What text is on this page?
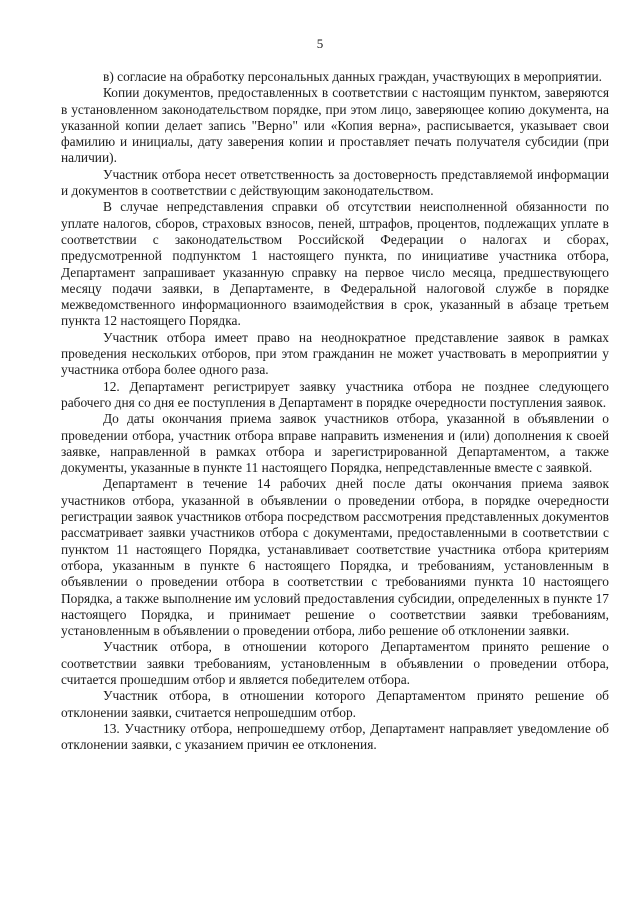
5

в) согласие на обработку персональных данных граждан, участвующих в мероприятии.

Копии документов, предоставленных в соответствии с настоящим пунктом, заверяются в установленном законодательством порядке, при этом лицо, заверяющее копию документа, на указанной копии делает запись "Верно" или «Копия верна», расписывается, указывает свои фамилию и инициалы, дату заверения копии и проставляет печать получателя субсидии (при наличии).

Участник отбора несет ответственность за достоверность представляемой информации и документов в соответствии с действующим законодательством.

В случае непредставления справки об отсутствии неисполненной обязанности по уплате налогов, сборов, страховых взносов, пеней, штрафов, процентов, подлежащих уплате в соответствии с законодательством Российской Федерации о налогах и сборах, предусмотренной подпунктом 1 настоящего пункта, по инициативе участника отбора, Департамент запрашивает указанную справку на первое число месяца, предшествующего месяцу подачи заявки, в Департаменте, в Федеральной налоговой службе в порядке межведомственного информационного взаимодействия в срок, указанный в абзаце третьем пункта 12 настоящего Порядка.

Участник отбора имеет право на неоднократное представление заявок в рамках проведения нескольких отборов, при этом гражданин не может участвовать в мероприятии у участника отбора более одного раза.

12. Департамент регистрирует заявку участника отбора не позднее следующего рабочего дня со дня ее поступления в Департамент в порядке очередности поступления заявок.

До даты окончания приема заявок участников отбора, указанной в объявлении о проведении отбора, участник отбора вправе направить изменения и (или) дополнения к своей заявке, направленной в рамках отбора и зарегистрированной Департаментом, а также документы, указанные в пункте 11 настоящего Порядка, непредставленные вместе с заявкой.

Департамент в течение 14 рабочих дней после даты окончания приема заявок участников отбора, указанной в объявлении о проведении отбора, в порядке очередности регистрации заявок участников отбора посредством рассмотрения представленных документов рассматривает заявки участников отбора с документами, предоставленными в соответствии с пунктом 11 настоящего Порядка, устанавливает соответствие участника отбора критериям отбора, указанным в пункте 6 настоящего Порядка, и требованиям, установленным в объявлении о проведении отбора в соответствии с требованиями пункта 10 настоящего Порядка, а также выполнение им условий предоставления субсидии, определенных в пункте 17 настоящего Порядка, и принимает решение о соответствии заявки требованиям, установленным в объявлении о проведении отбора, либо решение об отклонении заявки.

Участник отбора, в отношении которого Департаментом принято решение о соответствии заявки требованиям, установленным в объявлении о проведении отбора, считается прошедшим отбор и является победителем отбора.

Участник отбора, в отношении которого Департаментом принято решение об отклонении заявки, считается непрошедшим отбор.

13. Участнику отбора, непрошедшему отбор, Департамент направляет уведомление об отклонении заявки, с указанием причин ее отклонения.
